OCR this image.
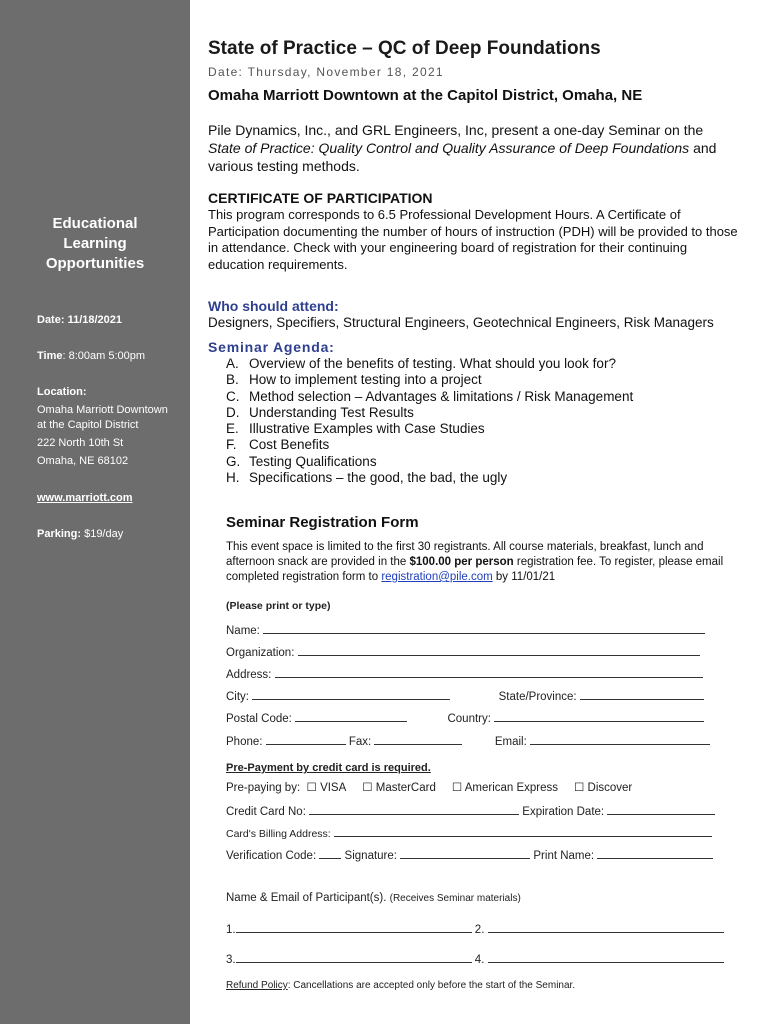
Educational
Learning
Opportunities
Date: 11/18/2021
Time: 8:00am 5:00pm
Location:
Omaha Marriott Downtown
at the Capitol District
222 North 10th St
Omaha, NE 68102
www.marriott.com
Parking: $19/day
State of Practice – QC of Deep Foundations
Date: Thursday, November 18, 2021
Omaha Marriott Downtown at the Capitol District, Omaha, NE
Pile Dynamics, Inc., and GRL Engineers, Inc, present a one-day Seminar on the State of Practice: Quality Control and Quality Assurance of Deep Foundations and various testing methods.
CERTIFICATE OF PARTICIPATION
This program corresponds to 6.5 Professional Development Hours. A Certificate of Participation documenting the number of hours of instruction (PDH) will be provided to those in attendance. Check with your engineering board of registration for their continuing education requirements.
Who should attend:
Designers, Specifiers, Structural Engineers, Geotechnical Engineers, Risk Managers
Seminar Agenda:
A. Overview of the benefits of testing. What should you look for?
B. How to implement testing into a project
C. Method selection – Advantages & limitations / Risk Management
D. Understanding Test Results
E. Illustrative Examples with Case Studies
F. Cost Benefits
G. Testing Qualifications
H. Specifications – the good, the bad, the ugly
Seminar Registration Form
This event space is limited to the first 30 registrants. All course materials, breakfast, lunch and afternoon snack are provided in the $100.00 per person registration fee. To register, please email completed registration form to registration@pile.com by 11/01/21
(Please print or type)
Name:
Organization:
Address:
City:	State/Province:
Postal Code:	Country:
Phone:	Fax:	Email:
Pre-Payment by credit card is required.
Pre-paying by: ☐ VISA ☐ MasterCard ☐ American Express ☐ Discover
Credit Card No:	Expiration Date:
Card's Billing Address:
Verification Code: Signature:	Print Name:
Name & Email of Participant(s). (Receives Seminar materials)
1.	2.
3.	4.
Refund Policy: Cancellations are accepted only before the start of the Seminar.
